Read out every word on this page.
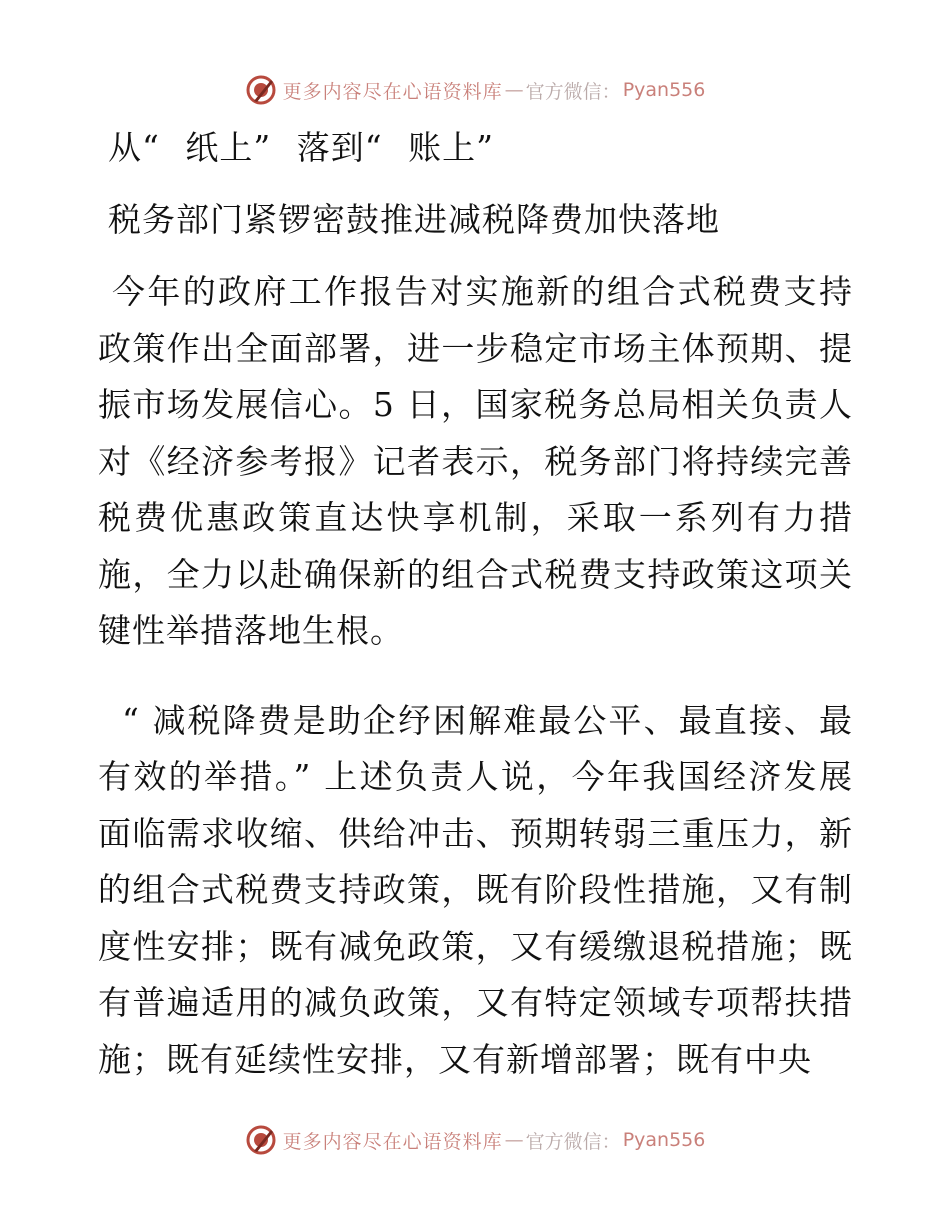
更多内容尽在心语资料库 — 官方微信： Pyan556
从“ 纸上” 落到“ 账上”
税务部门紧锣密鼓推进减税降费加快落地

今年的政府工作报告对实施新的组合式税费支持政策作出全面部署，进一步稳定市场主体预期、提振市场发展信心。5 日，国家税务总局相关负责人对《经济参考报》记者表示，税务部门将持续完善税费优惠政策直达快享机制，采取一系列有力措施，全力以赴确保新的组合式税费支持政策这项关键性举措落地生根。

“ 减税降费是助企纾困解难最公平、最直接、最有效的举措。” 上述负责人说，今年我国经济发展面临需求收缩、供给冲击、预期转弱三重压力，新的组合式税费支持政策，既有阶段性措施，又有制度性安排；既有减免政策，又有缓缴退税措施；既有普遍适用的减负政策，又有特定领域专项帮扶措施；既有延续性安排，又有新增部署；既有中央

更多内容尽在心语资料库 — 官方微信： Pyan556
